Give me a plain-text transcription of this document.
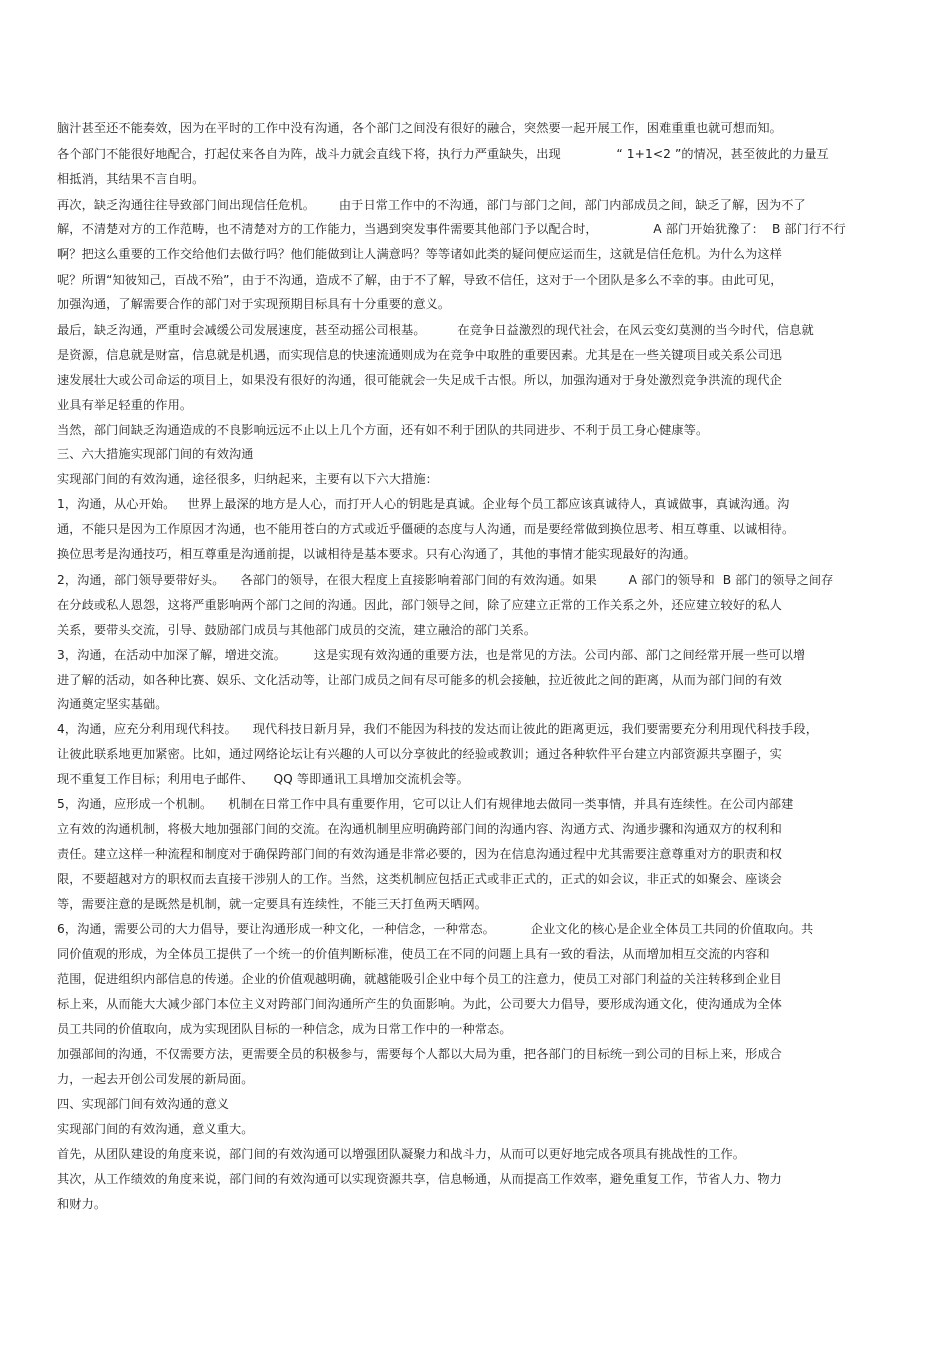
脑汁甚至还不能奏效，因为在平时的工作中没有沟通，各个部门之间没有很好的融合，突然要一起开展工作，困难重重也就可想而知。
各个部门不能很好地配合，打起仗来各自为阵，战斗力就会直线下将，执行力严重缺失，出现              “ 1+1<2 ”的情况，甚至彼此的力量互
相抵消，其结果不言自明。
再次，缺乏沟通往往导致部门间出现信任危机。      由于日常工作中的不沟通，部门与部门之间，部门内部成员之间，缺乏了解，因为不了
解，不清楚对方的工作范畴，也不清楚对方的工作能力，当遇到突发事件需要其他部门予以配合时，              A 部门开始犹豫了：  B 部门行不行
啊？把这么重要的工作交给他们去做行吗？他们能做到让人满意吗？等等诸如此类的疑问便应运而生，这就是信任危机。为什么为这样
呢？所谓“知彼知己，百战不殆”，由于不沟通，造成不了解，由于不了解，导致不信任，这对于一个团队是多么不幸的事。由此可见，
加强沟通，了解需要合作的部门对于实现预期目标具有十分重要的意义。
最后，缺乏沟通，严重时会减缓公司发展速度，甚至动摇公司根基。        在竞争日益激烈的现代社会，在风云变幻莫测的当今时代，信息就
是资源，信息就是财富，信息就是机遇，而实现信息的快速流通则成为在竞争中取胜的重要因素。尤其是在一些关键项目或关系公司迅
速发展壮大或公司命运的项目上，如果没有很好的沟通，很可能就会一失足成千古恨。所以，加强沟通对于身处激烈竞争洪流的现代企
业具有举足轻重的作用。
当然，部门间缺乏沟通造成的不良影响远远不止以上几个方面，还有如不利于团队的共同进步、不利于员工身心健康等。
三、六大措施实现部门间的有效沟通
实现部门间的有效沟通，途径很多，归纳起来，主要有以下六大措施：
1，沟通，从心开始。   世界上最深的地方是人心，而打开人心的钥匙是真诚。企业每个员工都应该真诚待人，真诚做事，真诚沟通。沟
通，不能只是因为工作原因才沟通，也不能用苍白的方式或近乎僵硬的态度与人沟通，而是要经常做到换位思考、相互尊重、以诚相待。
换位思考是沟通技巧，相互尊重是沟通前提，以诚相待是基本要求。只有心沟通了，其他的事情才能实现最好的沟通。
2，沟通，部门领导要带好头。    各部门的领导，在很大程度上直接影响着部门间的有效沟通。如果        A 部门的领导和  B 部门的领导之间存
在分歧或私人恩怨，这将严重影响两个部门之间的沟通。因此，部门领导之间，除了应建立正常的工作关系之外，还应建立较好的私人
关系，要带头交流，引导、鼓励部门成员与其他部门成员的交流，建立融洽的部门关系。
3，沟通，在活动中加深了解，增进交流。       这是实现有效沟通的重要方法，也是常见的方法。公司内部、部门之间经常开展一些可以增
进了解的活动，如各种比赛、娱乐、文化活动等，让部门成员之间有尽可能多的机会接触，拉近彼此之间的距离，从而为部门间的有效
沟通奠定坚实基础。
4，沟通，应充分利用现代科技。    现代科技日新月异，我们不能因为科技的发达而让彼此的距离更远，我们要需要充分利用现代科技手段，
让彼此联系地更加紧密。比如，通过网络论坛让有兴趣的人可以分享彼此的经验或教训；通过各种软件平台建立内部资源共享圈子，实
现不重复工作目标；利用电子邮件、     QQ 等即通讯工具增加交流机会等。
5，沟通，应形成一个机制。    机制在日常工作中具有重要作用，它可以让人们有规律地去做同一类事情，并具有连续性。在公司内部建
立有效的沟通机制，将极大地加强部门间的交流。在沟通机制里应明确跨部门间的沟通内容、沟通方式、沟通步骤和沟通双方的权利和
责任。建立这样一种流程和制度对于确保跨部门间的有效沟通是非常必要的，因为在信息沟通过程中尤其需要注意尊重对方的职责和权
限，不要超越对方的职权而去直接干涉别人的工作。当然，这类机制应包括正式或非正式的，正式的如会议，非正式的如聚会、座谈会
等，需要注意的是既然是机制，就一定要具有连续性，不能三天打鱼两天晒网。
6，沟通，需要公司的大力倡导，要让沟通形成一种文化，一种信念，一种常态。         企业文化的核心是企业全体员工共同的价值取向。共
同价值观的形成，为全体员工提供了一个统一的价值判断标准，使员工在不同的问题上具有一致的看法，从而增加相互交流的内容和
范围，促进组织内部信息的传递。企业的价值观越明确，就越能吸引企业中每个员工的注意力，使员工对部门利益的关注转移到企业目
标上来，从而能大大减少部门本位主义对跨部门间沟通所产生的负面影响。为此，公司要大力倡导，要形成沟通文化，使沟通成为全体
员工共同的价值取向，成为实现团队目标的一种信念，成为日常工作中的一种常态。
加强部间的沟通，不仅需要方法，更需要全员的积极参与，需要每个人都以大局为重，把各部门的目标统一到公司的目标上来，形成合
力，一起去开创公司发展的新局面。
四、实现部门间有效沟通的意义
实现部门间的有效沟通，意义重大。
首先，从团队建设的角度来说，部门间的有效沟通可以增强团队凝聚力和战斗力，从而可以更好地完成各项具有挑战性的工作。
其次，从工作绩效的角度来说，部门间的有效沟通可以实现资源共享，信息畅通，从而提高工作效率，避免重复工作，节省人力、物力
和财力。
